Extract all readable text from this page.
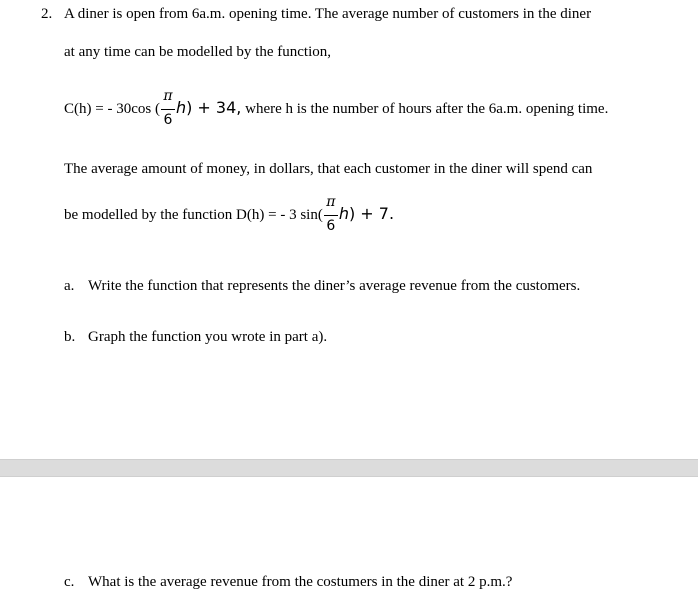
2. A diner is open from 6a.m. opening time. The average number of customers in the diner
at any time can be modelled by the function,
C(h) = - 30cos ( $\frac{\pi}{6} h) + 34$, where h is the number of hours after the 6a.m. opening time.
The average amount of money, in dollars, that each customer in the diner will spend can
be modelled by the function D(h) = - 3 $\sin( \frac{\pi}{6} h) + 7$.
a. Write the function that represents the diner’s average revenue from the customers.
b. Graph the function you wrote in part a).
c. What is the average revenue from the costumers in the diner at 2 p.m.?
